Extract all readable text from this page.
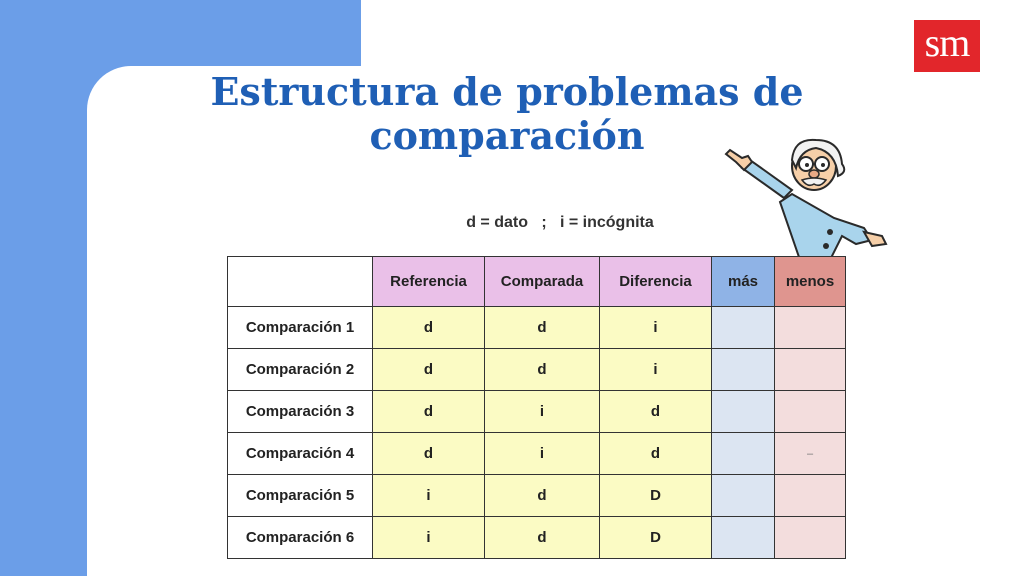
sm
Estructura de problemas de comparación
d = dato   ;   i = incógnita
	Referencia	Comparada	Diferencia	más	menos
Comparación 1	d	d	i		
Comparación 2	d	d	i		
Comparación 3	d	i	d		
Comparación 4	d	i	d		–
Comparación 5	i	d	D		
Comparación 6	i	d	D		
